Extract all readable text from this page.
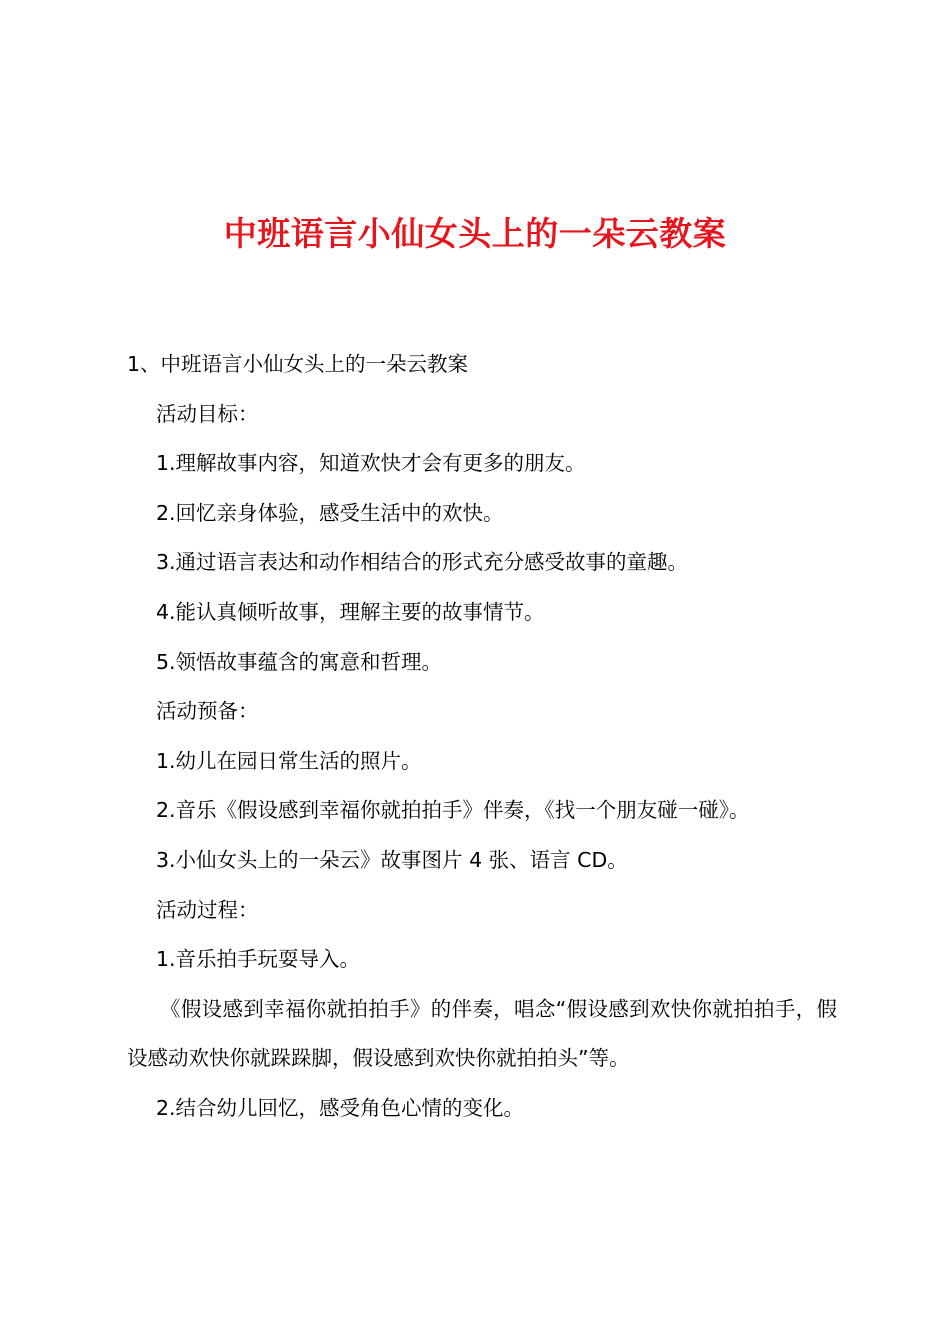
中班语言小仙女头上的一朵云教案

1、中班语言小仙女头上的一朵云教案

活动目标：

1.理解故事内容，知道欢快才会有更多的朋友。

2.回忆亲身体验，感受生活中的欢快。

3.通过语言表达和动作相结合的形式充分感受故事的童趣。

4.能认真倾听故事，理解主要的故事情节。

5.领悟故事蕴含的寓意和哲理。

活动预备：

1.幼儿在园日常生活的照片。

2.音乐《假设感到幸福你就拍拍手》伴奏，《找一个朋友碰一碰》。

3.小仙女头上的一朵云》故事图片 4 张、语言 CD。

活动过程：

1.音乐拍手玩耍导入。

《假设感到幸福你就拍拍手》的伴奏，唱念“假设感到欢快你就拍拍手，假设感动欢快你就跺跺脚，假设感到欢快你就拍拍头”等。

2.结合幼儿回忆，感受角色心情的变化。
